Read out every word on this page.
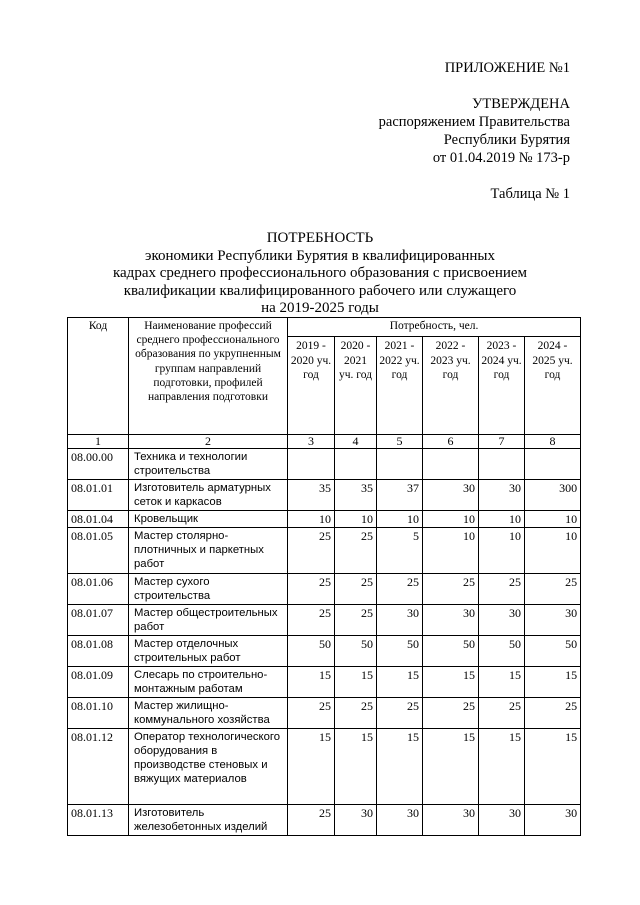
ПРИЛОЖЕНИЕ №1
УТВЕРЖДЕНА
распоряжением Правительства
Республики Бурятия
от 01.04.2019 № 173-р
Таблица № 1
ПОТРЕБНОСТЬ
экономики Республики Бурятия в квалифицированных
кадрах среднего профессионального образования с присвоением
квалификации квалифицированного рабочего или служащего
на 2019-2025 годы
Код	Наименование профессий среднего профессионального образования по укрупненным группам направлений подготовки, профилей направления подготовки	Потребность, чел.					
		2019 - 2020 уч. год	2020 - 2021 уч. год	2021 - 2022 уч. год	2022 - 2023 уч. год	2023 - 2024 уч. год	2024 - 2025 уч. год
1	2	3	4	5	6	7	8
08.00.00	Техника и технологии строительства						
08.01.01	Изготовитель арматурных сеток и каркасов	35	35	37	30	30	300
08.01.04	Кровельщик	10	10	10	10	10	10
08.01.05	Мастер столярно-плотничных и паркетных работ	25	25	5	10	10	10
08.01.06	Мастер сухого строительства	25	25	25	25	25	25
08.01.07	Мастер общестроительных работ	25	25	30	30	30	30
08.01.08	Мастер отделочных строительных работ	50	50	50	50	50	50
08.01.09	Слесарь по строительно-монтажным работам	15	15	15	15	15	15
08.01.10	Мастер жилищно-коммунального хозяйства	25	25	25	25	25	25
08.01.12	Оператор технологического оборудования в производстве стеновых и вяжущих материалов	15	15	15	15	15	15
08.01.13	Изготовитель железобетонных изделий	25	30	30	30	30	30
